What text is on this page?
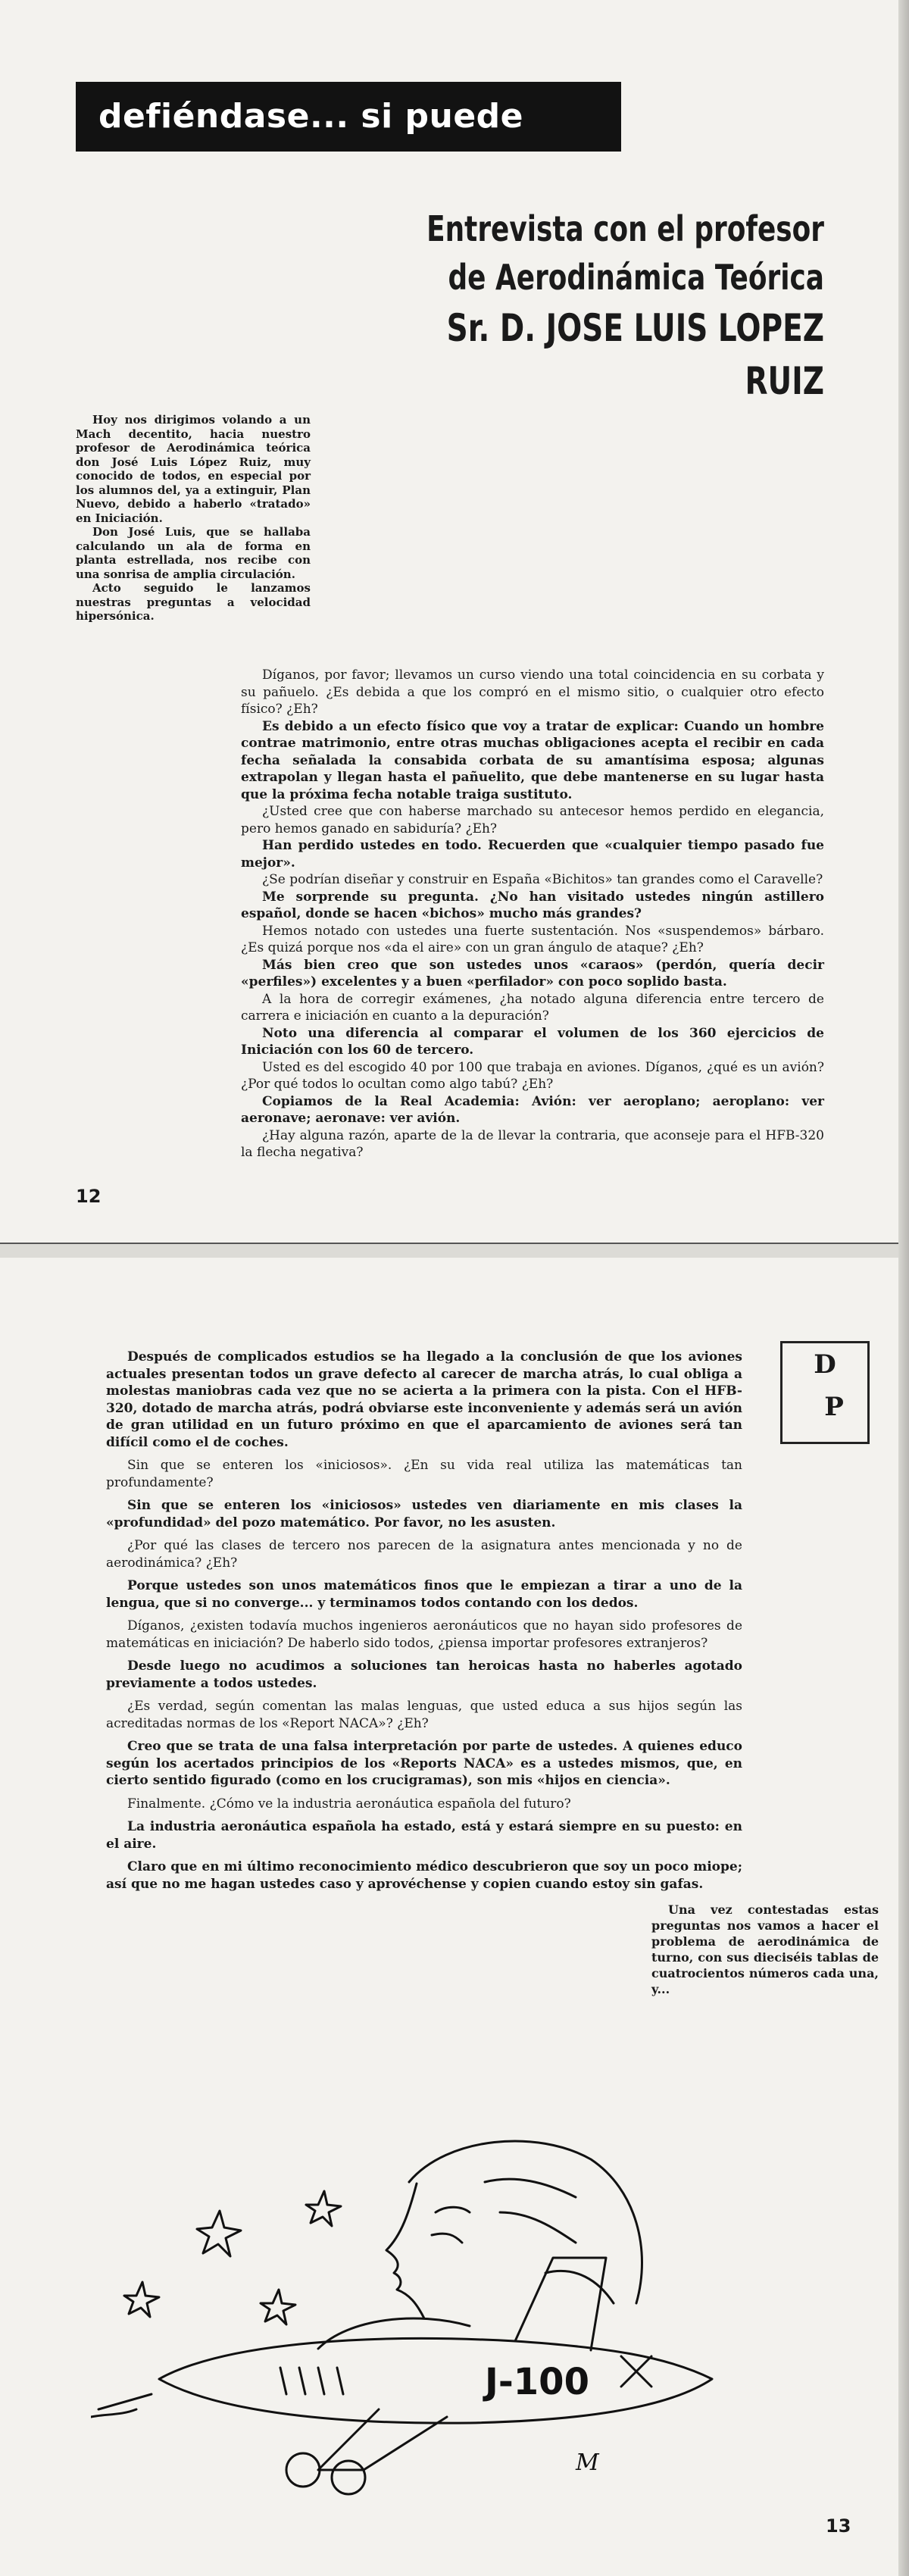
defiéndase... si puede
Entrevista con el profesor
de Aerodinámica Teórica
Sr. D. JOSE LUIS LOPEZ RUIZ

Hoy nos dirigimos volando a un Mach decentito, hacia nuestro profesor de Aerodinámica teórica don José Luis López Ruiz, muy conocido de todos, en especial por los alumnos del, ya a extinguir, Plan Nuevo, debido a haberlo «tratado» en Iniciación.

Don José Luis, que se hallaba calculando un ala de forma en planta estrellada, nos recibe con una sonrisa de amplia circulación.

Acto seguido le lanzamos nuestras preguntas a velocidad hipersónica.

Díganos, por favor; llevamos un curso viendo una total coincidencia en su corbata y su pañuelo. ¿Es debida a que los compró en el mismo sitio, o cualquier otro efecto físico? ¿Eh?

Es debido a un efecto físico que voy a tratar de explicar: Cuando un hombre contrae matrimonio, entre otras muchas obligaciones acepta el recibir en cada fecha señalada la consabida corbata de su amantísima esposa; algunas extrapolan y llegan hasta el pañuelito, que debe mantenerse en su lugar hasta que la próxima fecha notable traiga sustituto.

¿Usted cree que con haberse marchado su antecesor hemos perdido en elegancia, pero hemos ganado en sabiduría? ¿Eh?

Han perdido ustedes en todo. Recuerden que «cualquier tiempo pasado fue mejor».

¿Se podrían diseñar y construir en España «Bichitos» tan grandes como el Caravelle?

Me sorprende su pregunta. ¿No han visitado ustedes ningún astillero español, donde se hacen «bichos» mucho más grandes?

Hemos notado con ustedes una fuerte sustentación. Nos «suspendemos» bárbaro. ¿Es quizá porque nos «da el aire» con un gran ángulo de ataque? ¿Eh?

Más bien creo que son ustedes unos «caraos» (perdón, quería decir «perfiles») excelentes y a buen «perfilador» con poco soplido basta.

A la hora de corregir exámenes, ¿ha notado alguna diferencia entre tercero de carrera e iniciación en cuanto a la depuración?

Noto una diferencia al comparar el volumen de los 360 ejercicios de Iniciación con los 60 de tercero.

Usted es del escogido 40 por 100 que trabaja en aviones. Díganos, ¿qué es un avión? ¿Por qué todos lo ocultan como algo tabú? ¿Eh?

Copiamos de la Real Academia: Avión: ver aeroplano; aeroplano: ver aeronave; aeronave: ver avión.

¿Hay alguna razón, aparte de la de llevar la contraria, que aconseje para el HFB-320 la flecha negativa?

12
D
P

Después de complicados estudios se ha llegado a la conclusión de que los aviones actuales presentan todos un grave defecto al carecer de marcha atrás, lo cual obliga a molestas maniobras cada vez que no se acierta a la primera con la pista. Con el HFB-320, dotado de marcha atrás, podrá obviarse este inconveniente y además será un avión de gran utilidad en un futuro próximo en que el aparcamiento de aviones será tan difícil como el de coches.

Sin que se enteren los «iniciosos». ¿En su vida real utiliza las matemáticas tan profundamente?

Sin que se enteren los «iniciosos» ustedes ven diariamente en mis clases la «profundidad» del pozo matemático. Por favor, no les asusten.

¿Por qué las clases de tercero nos parecen de la asignatura antes mencionada y no de aerodinámica? ¿Eh?

Porque ustedes son unos matemáticos finos que le empiezan a tirar a uno de la lengua, que si no converge... y terminamos todos contando con los dedos.

Díganos, ¿existen todavía muchos ingenieros aeronáuticos que no hayan sido profesores de matemáticas en iniciación? De haberlo sido todos, ¿piensa importar profesores extranjeros?

Desde luego no acudimos a soluciones tan heroicas hasta no haberles agotado previamente a todos ustedes.

¿Es verdad, según comentan las malas lenguas, que usted educa a sus hijos según las acreditadas normas de los «Report NACA»? ¿Eh?

Creo que se trata de una falsa interpretación por parte de ustedes. A quienes educo según los acertados principios de los «Reports NACA» es a ustedes mismos, que, en cierto sentido figurado (como en los crucigramas), son mis «hijos en ciencia».

Finalmente. ¿Cómo ve la industria aeronáutica española del futuro?

La industria aeronáutica española ha estado, está y estará siempre en su puesto: en el aire.

Claro que en mi último reconocimiento médico descubrieron que soy un poco miope; así que no me hagan ustedes caso y aprovéchense y copien cuando estoy sin gafas.

Una vez contestadas estas preguntas nos vamos a hacer el problema de aerodinámica de turno, con sus dieciséis tablas de cuatrocientos números cada una, y...

J-100
M
13
